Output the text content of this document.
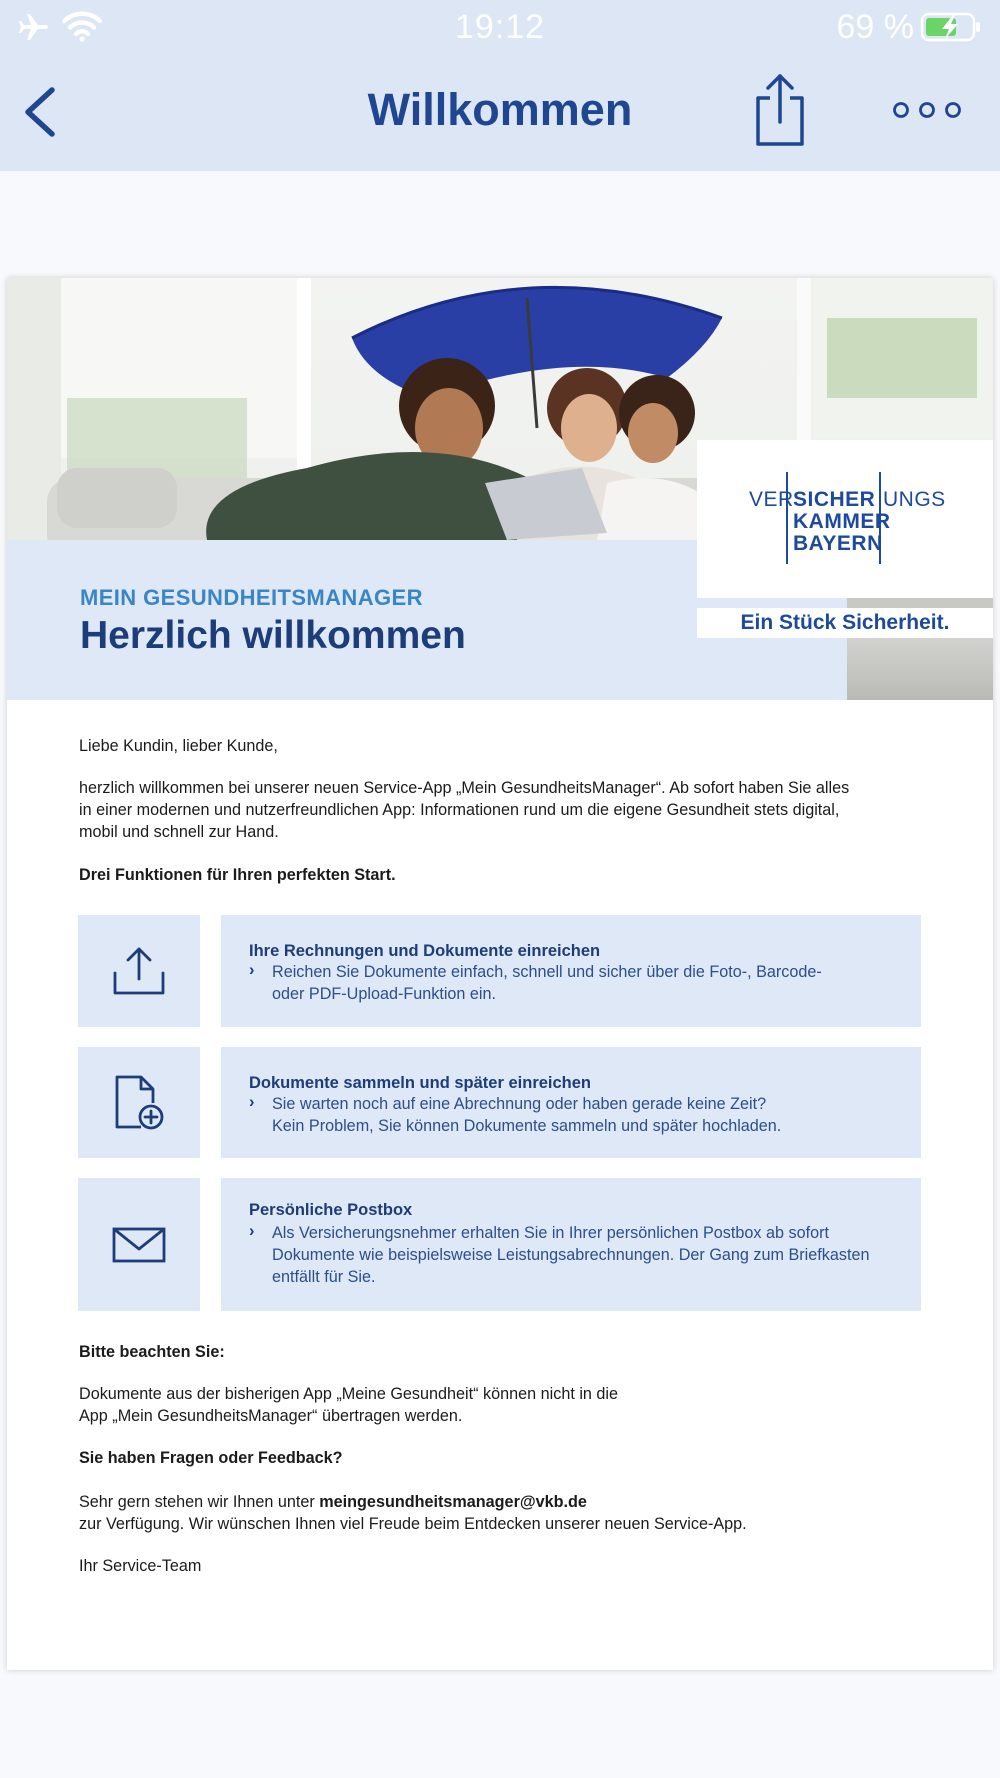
19:12	69 %
Willkommen
MEIN GESUNDHEITSMANAGER
Herzlich willkommen
VER SICHER UNGS
KAMMER
BAYERN
Ein Stück Sicherheit.
Liebe Kundin, lieber Kunde,
herzlich willkommen bei unserer neuen Service-App „Mein GesundheitsManager“. Ab sofort haben Sie alles
in einer modernen und nutzerfreundlichen App: Informationen rund um die eigene Gesundheit stets digital,
mobil und schnell zur Hand.
Drei Funktionen für Ihren perfekten Start.
Ihre Rechnungen und Dokumente einreichen
› Reichen Sie Dokumente einfach, schnell und sicher über die Foto-, Barcode-
oder PDF-Upload-Funktion ein.
Dokumente sammeln und später einreichen
› Sie warten noch auf eine Abrechnung oder haben gerade keine Zeit?
Kein Problem, Sie können Dokumente sammeln und später hochladen.
Persönliche Postbox
› Als Versicherungsnehmer erhalten Sie in Ihrer persönlichen Postbox ab sofort
Dokumente wie beispielsweise Leistungsabrechnungen. Der Gang zum Briefkasten
entfällt für Sie.
Bitte beachten Sie:
Dokumente aus der bisherigen App „Meine Gesundheit“ können nicht in die
App „Mein GesundheitsManager“ übertragen werden.
Sie haben Fragen oder Feedback?
Sehr gern stehen wir Ihnen unter meingesundheitsmanager@vkb.de
zur Verfügung. Wir wünschen Ihnen viel Freude beim Entdecken unserer neuen Service-App.
Ihr Service-Team
